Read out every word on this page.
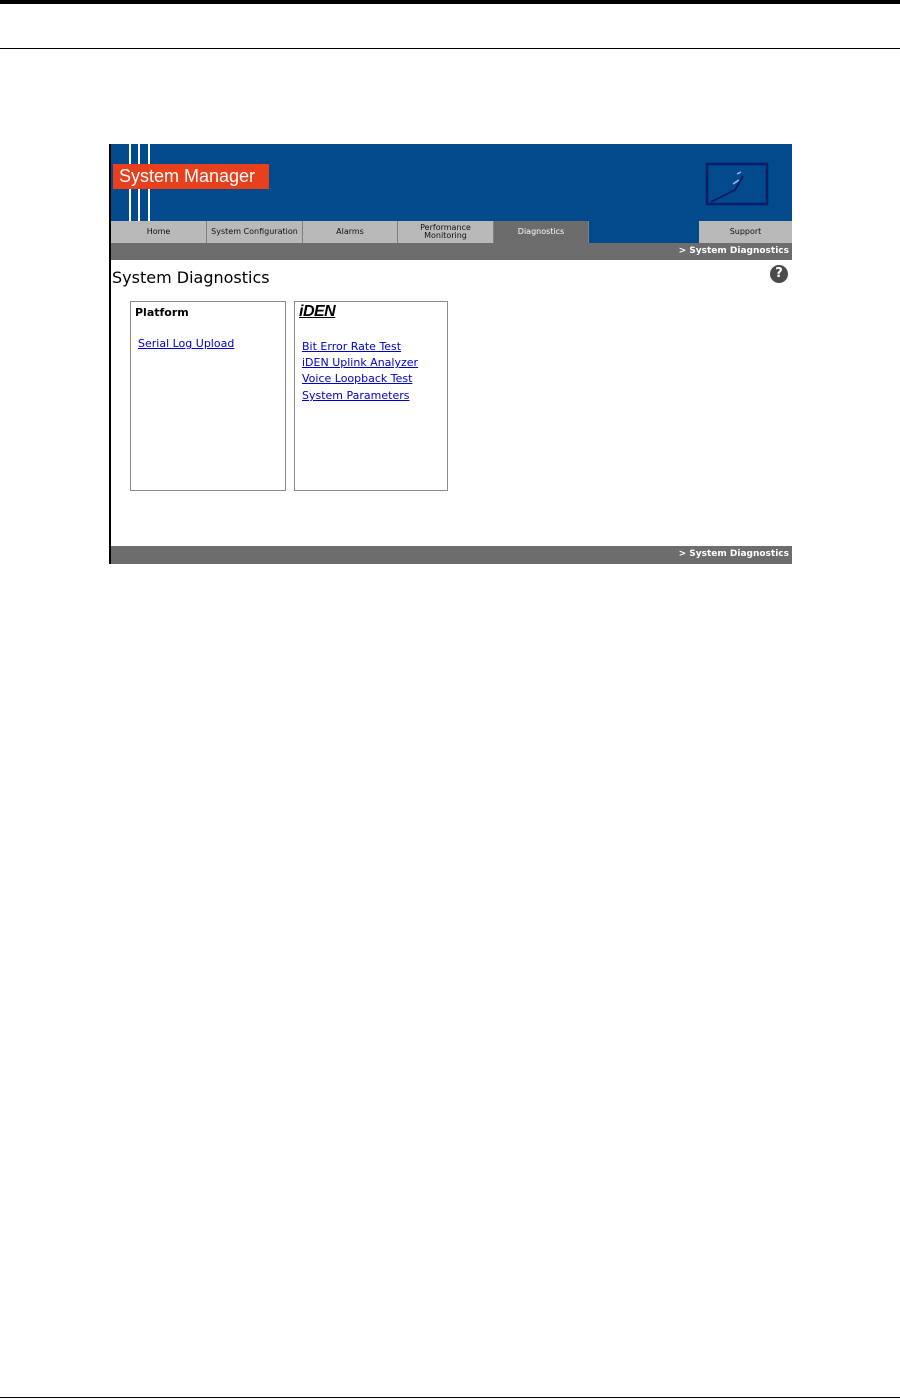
System Manager
Home	System Configuration	Alarms	Performance
Monitoring	Diagnostics	Support
> System Diagnostics
System Diagnostics	?
Platform
Serial Log Upload
iDEN
Bit Error Rate Test
iDEN Uplink Analyzer
Voice Loopback Test
System Parameters
> System Diagnostics
